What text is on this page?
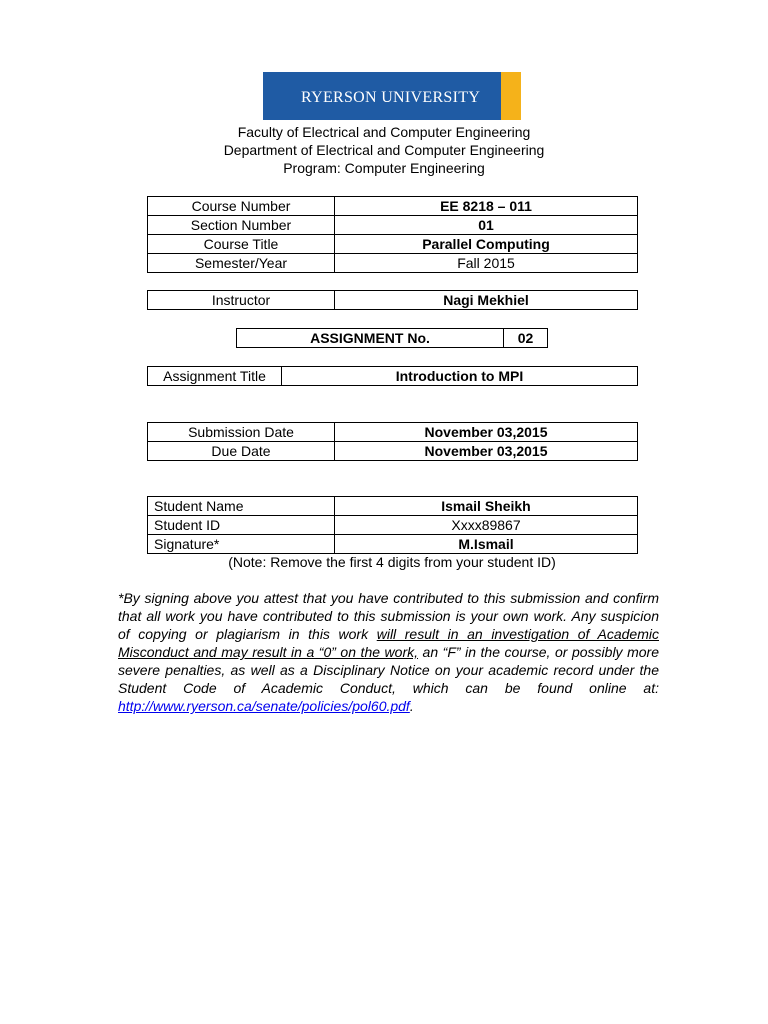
RYERSON UNIVERSITY
Faculty of Electrical and Computer Engineering
Department of Electrical and Computer Engineering
Program: Computer Engineering
Course Number	EE 8218 – 011
Section Number	01
Course Title	Parallel Computing
Semester/Year	Fall 2015
Instructor	Nagi Mekhiel
ASSIGNMENT No.	02
Assignment Title	Introduction to MPI
Submission Date	November 03,2015
Due Date	November 03,2015
Student Name	Ismail Sheikh
Student ID	Xxxx89867
Signature*	M.Ismail
(Note: Remove the first 4 digits from your student ID)
*By signing above you attest that you have contributed to this submission and confirm that all work you have contributed to this submission is your own work. Any suspicion of copying or plagiarism in this work will result in an investigation of Academic Misconduct and may result in a “0” on the work, an “F” in the course, or possibly more severe penalties, as well as a Disciplinary Notice on your academic record under the Student Code of Academic Conduct, which can be found online at: http://www.ryerson.ca/senate/policies/pol60.pdf.
